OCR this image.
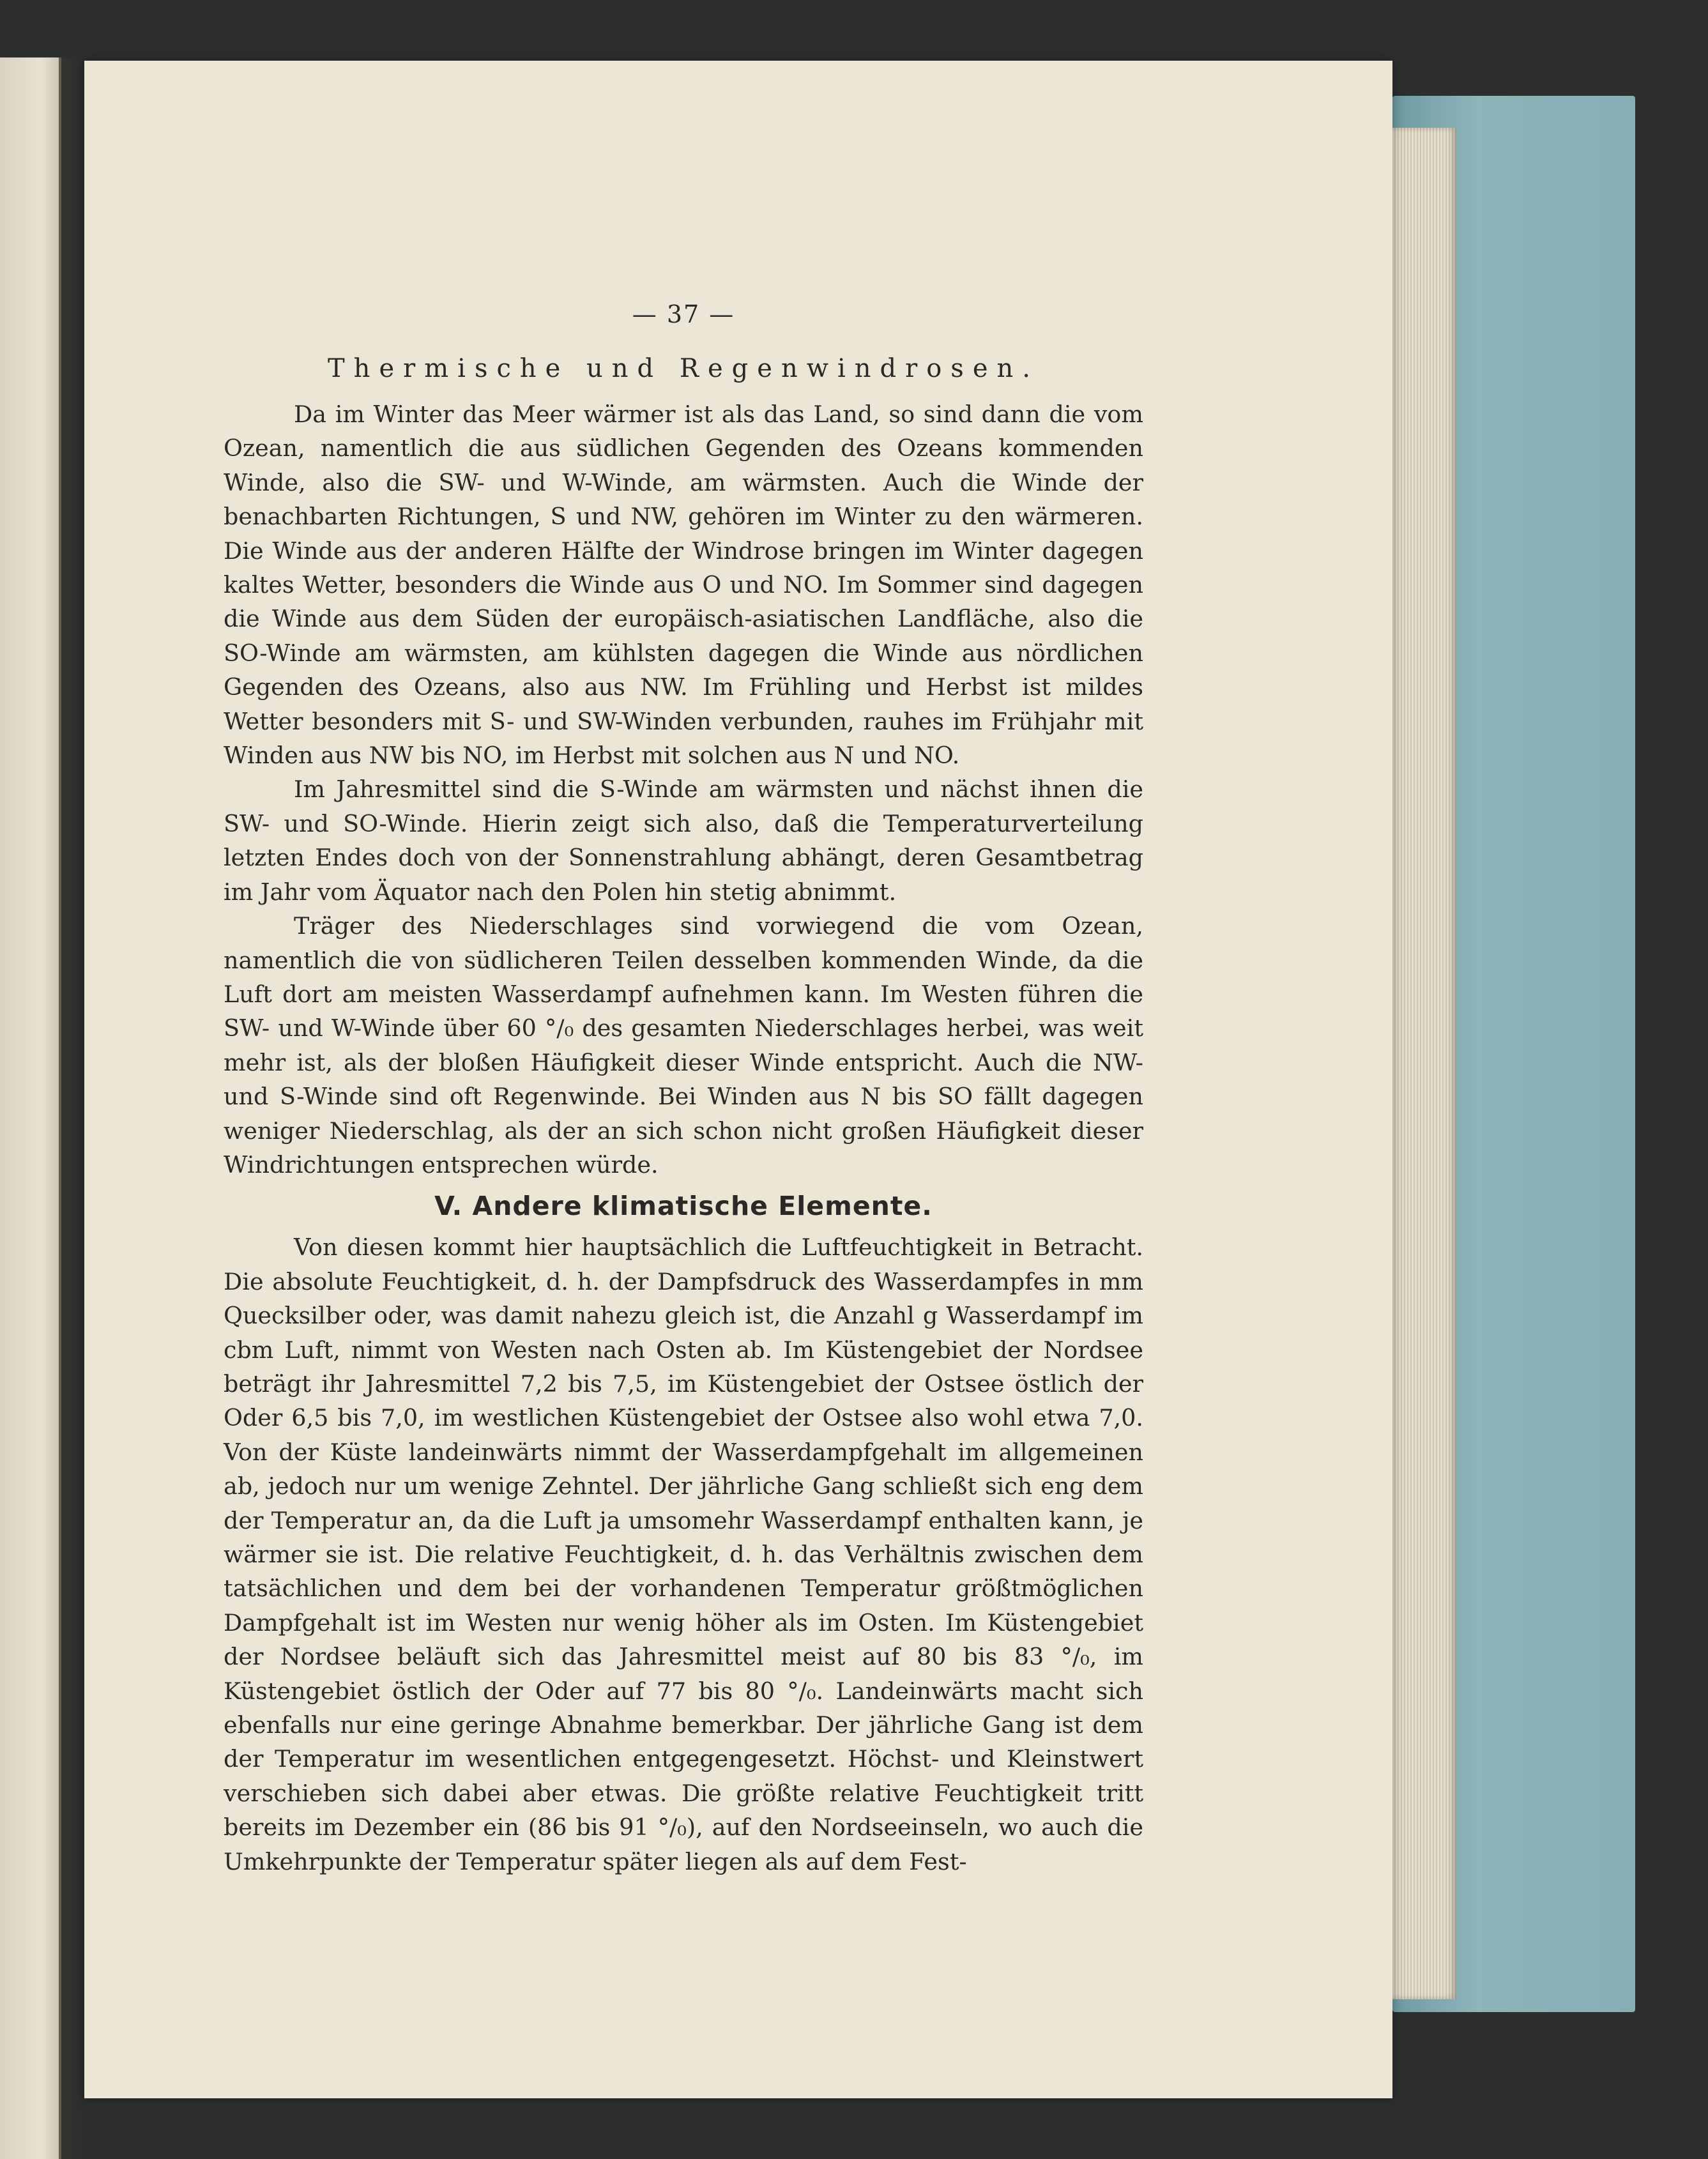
— 37 —
Thermische und Regenwindrosen.

Da im Winter das Meer wärmer ist als das Land, so sind dann die vom Ozean, namentlich die aus südlichen Gegenden des Ozeans kommenden Winde, also die SW- und W-Winde, am wärmsten. Auch die Winde der benachbarten Richtungen, S und NW, gehören im Winter zu den wärmeren. Die Winde aus der anderen Hälfte der Windrose bringen im Winter dagegen kaltes Wetter, besonders die Winde aus O und NO. Im Sommer sind dagegen die Winde aus dem Süden der europäisch-asiatischen Landfläche, also die SO-Winde am wärmsten, am kühlsten dagegen die Winde aus nördlichen Gegenden des Ozeans, also aus NW. Im Frühling und Herbst ist mildes Wetter besonders mit S- und SW-Winden verbunden, rauhes im Frühjahr mit Winden aus NW bis NO, im Herbst mit solchen aus N und NO.

Im Jahresmittel sind die S-Winde am wärmsten und nächst ihnen die SW- und SO-Winde. Hierin zeigt sich also, daß die Temperaturverteilung letzten Endes doch von der Sonnenstrahlung abhängt, deren Gesamtbetrag im Jahr vom Äquator nach den Polen hin stetig abnimmt.

Träger des Niederschlages sind vorwiegend die vom Ozean, namentlich die von südlicheren Teilen desselben kommenden Winde, da die Luft dort am meisten Wasserdampf aufnehmen kann. Im Westen führen die SW- und W-Winde über 60 °/₀ des gesamten Niederschlages herbei, was weit mehr ist, als der bloßen Häufigkeit dieser Winde entspricht. Auch die NW- und S-Winde sind oft Regenwinde. Bei Winden aus N bis SO fällt dagegen weniger Niederschlag, als der an sich schon nicht großen Häufigkeit dieser Windrichtungen entsprechen würde.

V. Andere klimatische Elemente.

Von diesen kommt hier hauptsächlich die Luftfeuchtigkeit in Betracht. Die absolute Feuchtigkeit, d. h. der Dampfsdruck des Wasserdampfes in mm Quecksilber oder, was damit nahezu gleich ist, die Anzahl g Wasserdampf im cbm Luft, nimmt von Westen nach Osten ab. Im Küstengebiet der Nordsee beträgt ihr Jahresmittel 7,2 bis 7,5, im Küstengebiet der Ostsee östlich der Oder 6,5 bis 7,0, im westlichen Küstengebiet der Ostsee also wohl etwa 7,0. Von der Küste landeinwärts nimmt der Wasserdampfgehalt im allgemeinen ab, jedoch nur um wenige Zehntel. Der jährliche Gang schließt sich eng dem der Temperatur an, da die Luft ja umsomehr Wasserdampf enthalten kann, je wärmer sie ist. Die relative Feuchtigkeit, d. h. das Verhältnis zwischen dem tatsächlichen und dem bei der vorhandenen Temperatur größtmöglichen Dampfgehalt ist im Westen nur wenig höher als im Osten. Im Küstengebiet der Nordsee beläuft sich das Jahresmittel meist auf 80 bis 83 °/₀, im Küstengebiet östlich der Oder auf 77 bis 80 °/₀. Landeinwärts macht sich ebenfalls nur eine geringe Abnahme bemerkbar. Der jährliche Gang ist dem der Temperatur im wesentlichen entgegengesetzt. Höchst- und Kleinstwert verschieben sich dabei aber etwas. Die größte relative Feuchtigkeit tritt bereits im Dezember ein (86 bis 91 °/₀), auf den Nordseeinseln, wo auch die Umkehrpunkte der Temperatur später liegen als auf dem Fest-
